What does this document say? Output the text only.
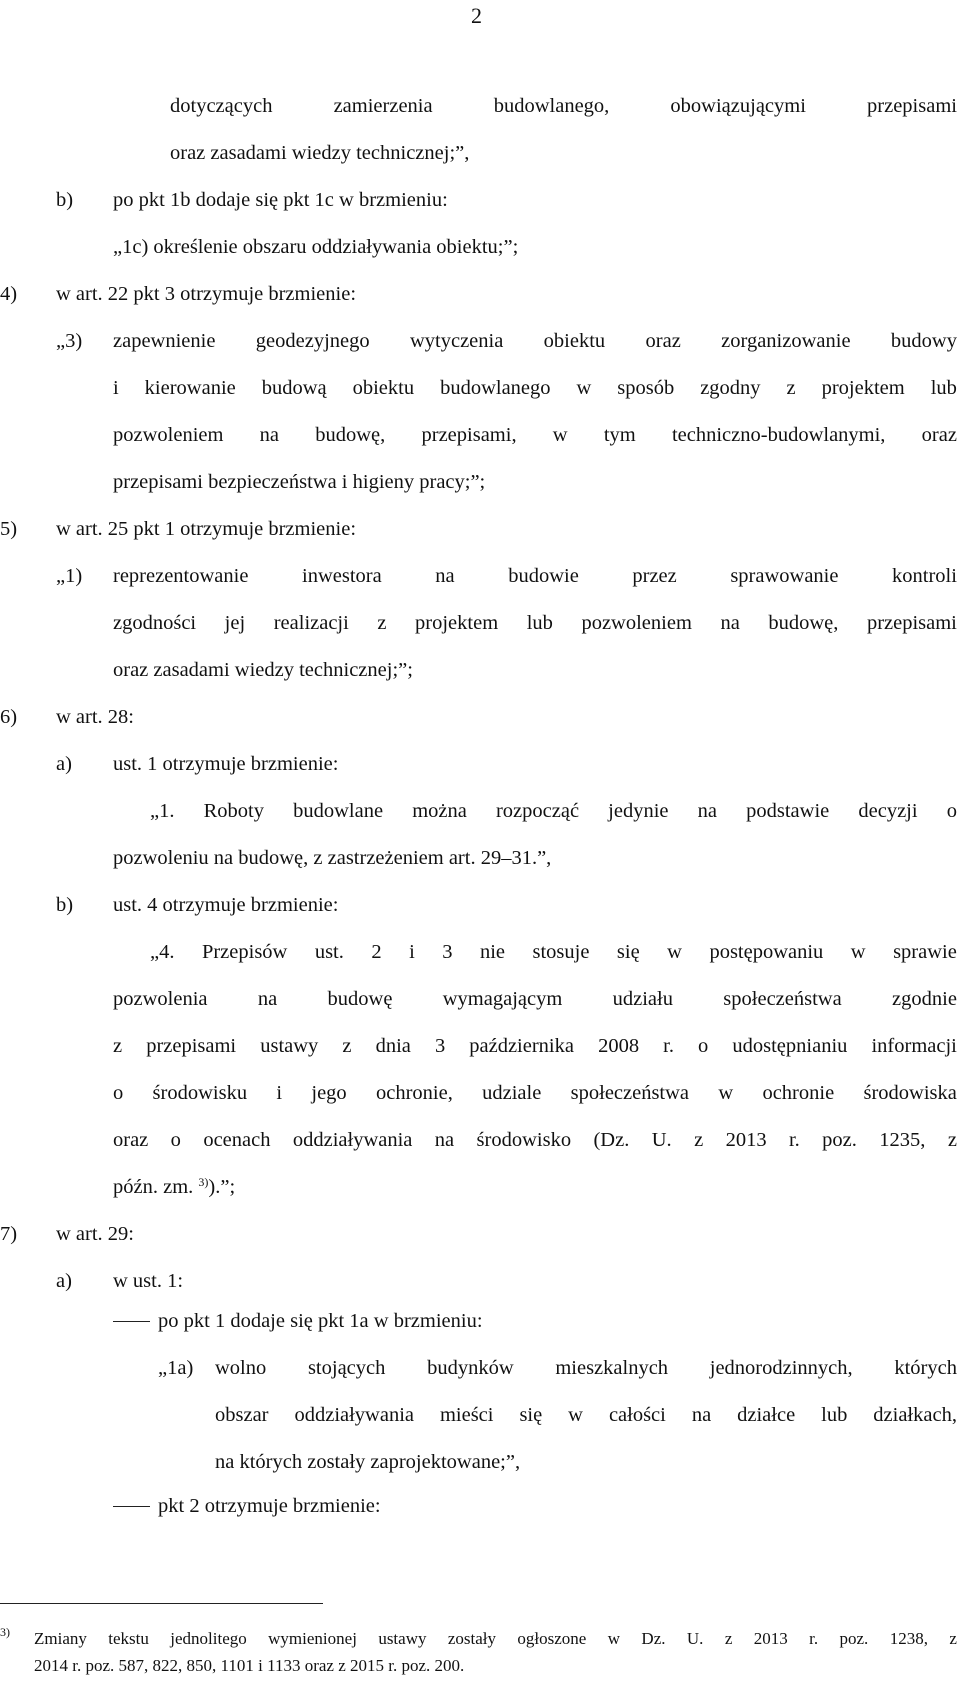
2
dotyczących	zamierzenia	budowlanego,	obowiązującymi	przepisami
oraz zasadami wiedzy technicznej;”,
b) po pkt 1b dodaje się pkt 1c w brzmieniu:
„1c) określenie obszaru oddziaływania obiektu;”;
4) w art. 22 pkt 3 otrzymuje brzmienie:
„3) zapewnienie geodezyjnego wytyczenia obiektu oraz zorganizowanie budowy
i kierowanie budową obiektu budowlanego w sposób zgodny z projektem lub
pozwoleniem na budowę, przepisami, w tym techniczno-budowlanymi, oraz
przepisami bezpieczeństwa i higieny pracy;”;
5) w art. 25 pkt 1 otrzymuje brzmienie:
„1) reprezentowanie	inwestora	na	budowie	przez	sprawowanie	kontroli
zgodności jej realizacji z projektem lub pozwoleniem na budowę, przepisami
oraz zasadami wiedzy technicznej;”;
6) w art. 28:
a) ust. 1 otrzymuje brzmienie:
„1. Roboty budowlane można rozpocząć jedynie na podstawie decyzji o
pozwoleniu na budowę, z zastrzeżeniem art. 29–31.”,
b) ust. 4 otrzymuje brzmienie:
„4. Przepisów ust. 2 i 3 nie stosuje się w postępowaniu w sprawie
pozwolenia na budowę wymagającym udziału społeczeństwa zgodnie
z przepisami ustawy z dnia 3 października 2008 r. o udostępnianiu informacji
o środowisku i jego ochronie, udziale społeczeństwa w ochronie środowiska
oraz o ocenach oddziaływania na środowisko (Dz. U. z 2013 r. poz. 1235, z
późn. zm. $^{3)}$).”;
7) w art. 29:
a) w ust. 1:
po pkt 1 dodaje się pkt 1a w brzmieniu:
„1a) wolno stojących budynków mieszkalnych jednorodzinnych, których
obszar oddziaływania mieści się w całości na działce lub działkach,
na których zostały zaprojektowane;”,
pkt 2 otrzymuje brzmienie:
3) Zmiany tekstu jednolitego wymienionej ustawy zostały ogłoszone w Dz. U. z 2013 r. poz. 1238, z
2014 r. poz. 587, 822, 850, 1101 i 1133 oraz z 2015 r. poz. 200.
